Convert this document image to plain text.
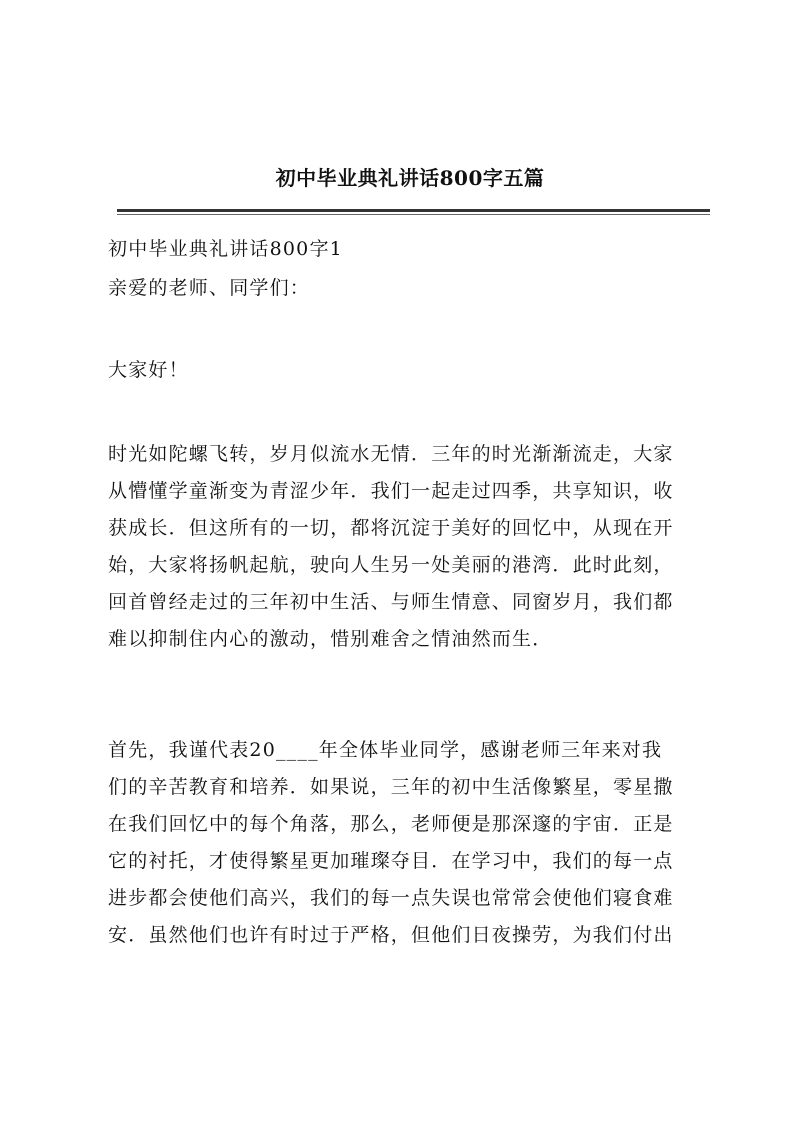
初中毕业典礼讲话800字五篇

初中毕业典礼讲话800字1

亲爱的老师、同学们：

大家好！

时光如陀螺飞转，岁月似流水无情．三年的时光渐渐流走，大家
从懵懂学童渐变为青涩少年．我们一起走过四季，共享知识，收
获成长．但这所有的一切，都将沉淀于美好的回忆中，从现在开
始，大家将扬帆起航，驶向人生另一处美丽的港湾．此时此刻，
回首曾经走过的三年初中生活、与师生情意、同窗岁月，我们都
难以抑制住内心的激动，惜别难舍之情油然而生．

首先，我谨代表20____年全体毕业同学，感谢老师三年来对我
们的辛苦教育和培养．如果说，三年的初中生活像繁星，零星撒
在我们回忆中的每个角落，那么，老师便是那深邃的宇宙．正是
它的衬托，才使得繁星更加璀璨夺目．在学习中，我们的每一点
进步都会使他们高兴，我们的每一点失误也常常会使他们寝食难
安．虽然他们也许有时过于严格，但他们日夜操劳，为我们付出
